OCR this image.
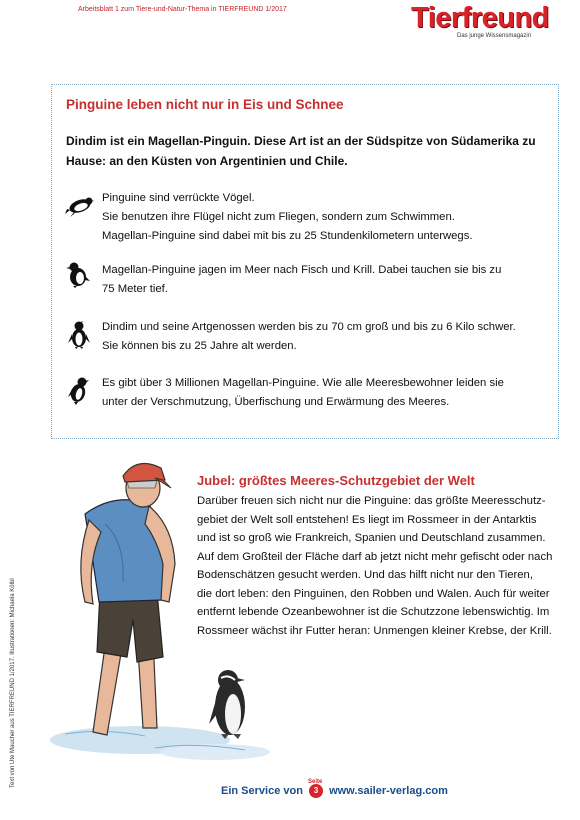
Arbeitsblatt 1 zum Tiere-und-Natur-Thema in TIERFREUND 1/2017	Tierfreund
Das junge Wissensmagazin
Pinguine leben nicht nur in Eis und Schnee
Dindim ist ein Magellan-Pinguin. Diese Art ist an der Südspitze von Südamerika zu Hause: an den Küsten von Argentinien und Chile.
Pinguine sind verrückte Vögel.
Sie benutzen ihre Flügel nicht zum Fliegen, sondern zum Schwimmen.
Magellan-Pinguine sind dabei mit bis zu 25 Stundenkilometern unterwegs.
Magellan-Pinguine jagen im Meer nach Fisch und Krill. Dabei tauchen sie bis zu
75 Meter tief.
Dindim und seine Artgenossen werden bis zu 70 cm groß und bis zu 6 Kilo schwer.
Sie können bis zu 25 Jahre alt werden.
Es gibt über 3 Millionen Magellan-Pinguine. Wie alle Meeresbewohner leiden sie
unter der Verschmutzung, Überfischung und Erwärmung des Meeres.
Jubel: größtes Meeres-Schutzgebiet der Welt
Darüber freuen sich nicht nur die Pinguine: das größte Meeresschutz-
gebiet der Welt soll entstehen! Es liegt im Rossmeer in der Antarktis
und ist so groß wie Frankreich, Spanien und Deutschland zusammen.
Auf dem Großteil der Fläche darf ab jetzt nicht mehr gefischt oder nach
Bodenschätzen gesucht werden. Und das hilft nicht nur den Tieren,
die dort leben: den Pinguinen, den Robben und Walen. Auch für weiter
entfernt lebende Ozeanbewohner ist die Schutzzone lebenswichtig. Im
Rossmeer wächst ihr Futter heran: Unmengen kleiner Krebse, der Krill.
Text von Ute Maucher aus TIERFREUND 1/2017. Illustrationen: Michaela Kölbl
Ein Service von
Seite
3 www.sailer-verlag.com
